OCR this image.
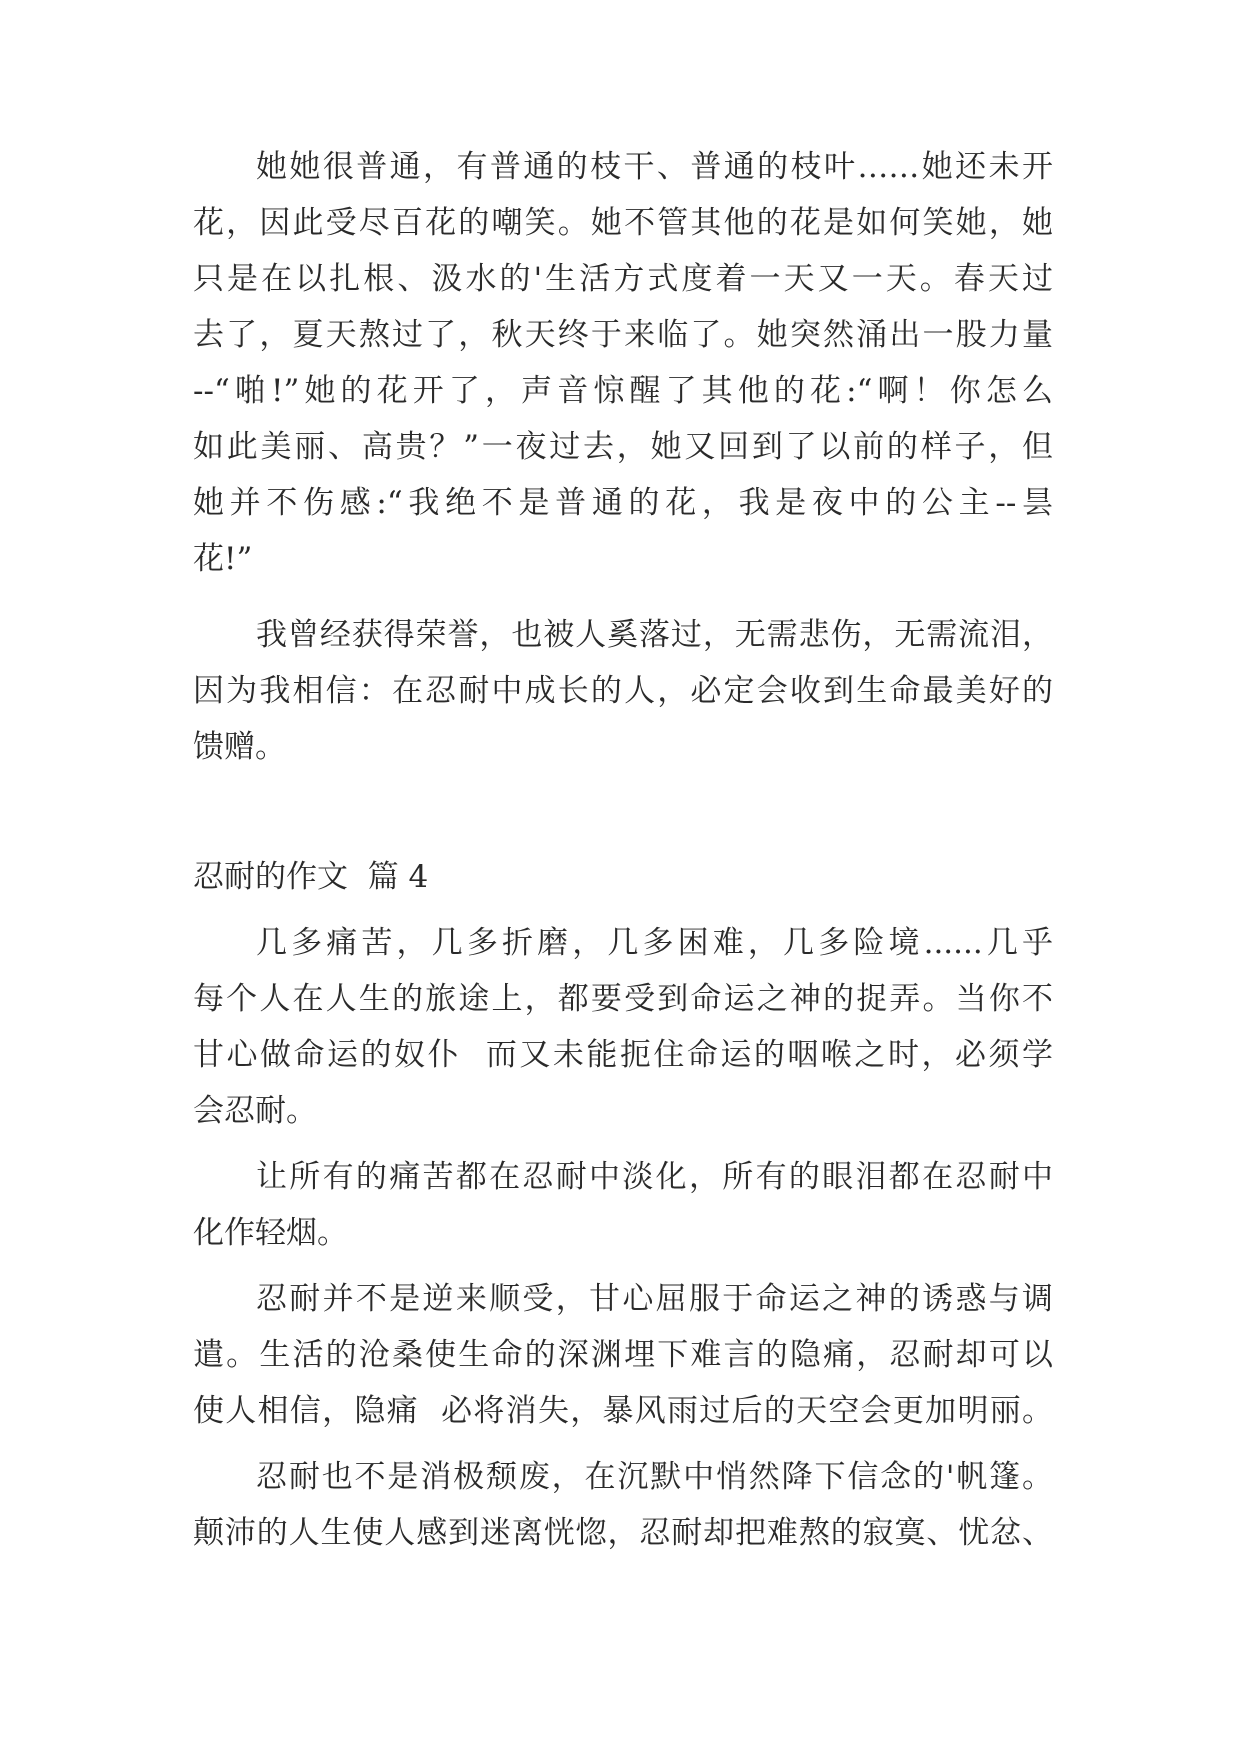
她她很普通，有普通的枝干、普通的枝叶……她还未开
花，因此受尽百花的嘲笑。她不管其他的花是如何笑她，她
只是在以扎根、汲水的'生活方式度着一天又一天。春天过
去了，夏天熬过了，秋天终于来临了。她突然涌出一股力量
--“啪!”她的花开了，声音惊醒了其他的花:“啊！你怎么
如此美丽、高贵？”一夜过去，她又回到了以前的样子，但
她并不伤感:“我绝不是普通的花，我是夜中的公主--昙
花!”
我曾经获得荣誉，也被人奚落过，无需悲伤，无需流泪，
因为我相信：在忍耐中成长的人，必定会收到生命最美好的
馈赠。
忍耐的作文  篇 4
几多痛苦，几多折磨，几多困难，几多险境......几乎
每个人在人生的旅途上，都要受到命运之神的捉弄。当你不
甘心做命运的奴仆  而又未能扼住命运的咽喉之时，必须学
会忍耐。
让所有的痛苦都在忍耐中淡化，所有的眼泪都在忍耐中
化作轻烟。
忍耐并不是逆来顺受，甘心屈服于命运之神的诱惑与调
遣。生活的沧桑使生命的深渊埋下难言的隐痛，忍耐却可以
使人相信，隐痛  必将消失，暴风雨过后的天空会更加明丽。
忍耐也不是消极颓废，在沉默中悄然降下信念的'帆篷。
颠沛的人生使人感到迷离恍惚，忍耐却把难熬的寂寞、忧忿、
